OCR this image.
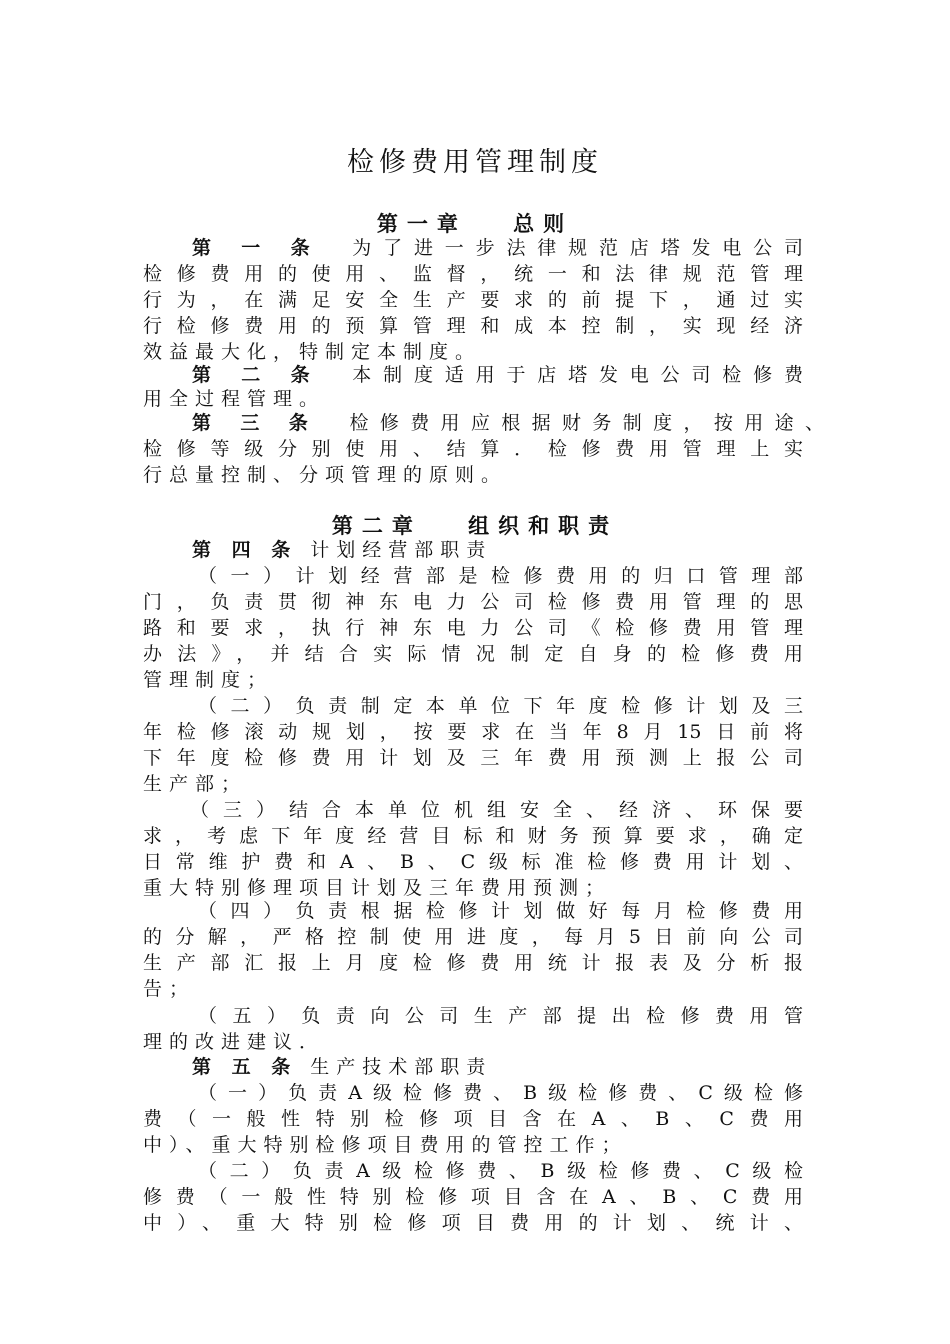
检修费用管理制度
第一章　 总则
第 一 条　 为了进一步法律规范店塔发电公司
检修费用的使用、监督，统一和法律规范管理
行为，在满足安全生产要求的前提下，通过实
行检修费用的预算管理和成本控制，实现经济
效益最大化，特制定本制度。
第 二 条　 本制度适用于店塔发电公司检修费
用全过程管理。
第 三 条　 检修费用应根据财务制度，按用途、
检修等级分别使用、结算．检修费用管理上实
行总量控制、分项管理的原则。
第二章　 组织和职责
第 四 条 计划经营部职责
（一）计划经营部是检修费用的归口管理部
门，负责贯彻神东电力公司检修费用管理的思
路和要求，执行神东电力公司《检修费用管理
办法》，并结合实际情况制定自身的检修费用
管理制度；
（二）负责制定本单位下年度检修计划及三
年检修滚动规划，按要求在当年8月15日前将
下年度检修费用计划及三年费用预测上报公司
生产部；
（三）结合本单位机组安全、经济、环保要
求，考虑下年度经营目标和财务预算要求，确定
日常维护费和A、B、C级标准检修费用计划、
重大特别修理项目计划及三年费用预测；
（四）负责根据检修计划做好每月检修费用
的分解，严格控制使用进度，每月5日前向公司
生产部汇报上月度检修费用统计报表及分析报
告；
（五）负责向公司生产部提出检修费用管
理的改进建议．
第 五 条 生产技术部职责
（一）负责A级检修费、B级检修费、C级检修
费（一般性特别检修项目含在A、B、C费用
中）、重大特别检修项目费用的管控工作；
（二）负责A级检修费、B级检修费、C级检
修费（一般性特别检修项目含在A、B、C费用
中）、重大特别检修项目费用的计划、统计、
